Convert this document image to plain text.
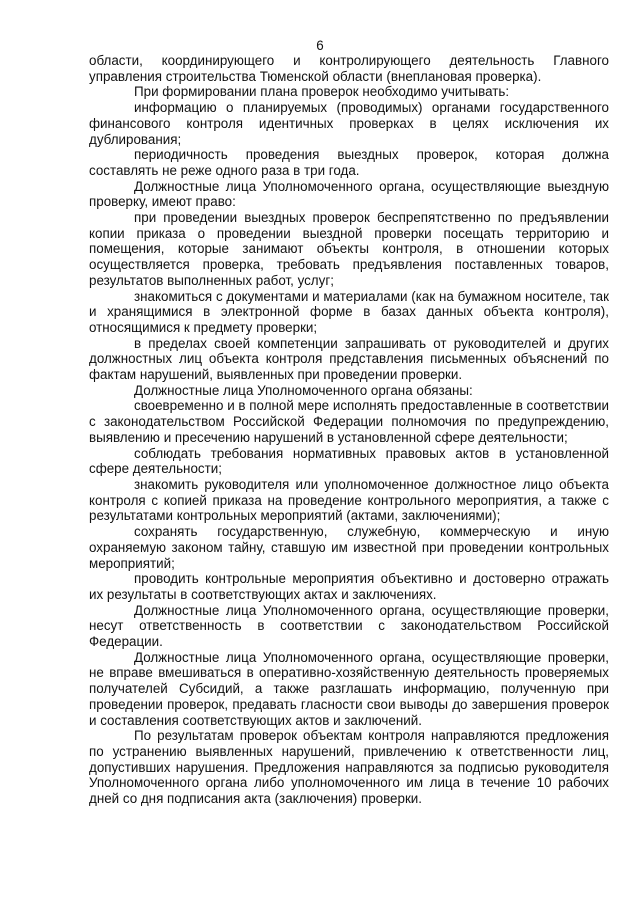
6

области, координирующего и контролирующего деятельность Главного управления строительства Тюменской области (внеплановая проверка).

При формировании плана проверок необходимо учитывать:

информацию о планируемых (проводимых) органами государственного финансового контроля идентичных проверках в целях исключения их дублирования;

периодичность проведения выездных проверок, которая должна составлять не реже одного раза в три года.

Должностные лица Уполномоченного органа, осуществляющие выездную проверку, имеют право:

при проведении выездных проверок беспрепятственно по предъявлении копии приказа о проведении выездной проверки посещать территорию и помещения, которые занимают объекты контроля, в отношении которых осуществляется проверка, требовать предъявления поставленных товаров, результатов выполненных работ, услуг;

знакомиться с документами и материалами (как на бумажном носителе, так и хранящимися в электронной форме в базах данных объекта контроля), относящимися к предмету проверки;

в пределах своей компетенции запрашивать от руководителей и других должностных лиц объекта контроля представления письменных объяснений по фактам нарушений, выявленных при проведении проверки.

Должностные лица Уполномоченного органа обязаны:

своевременно и в полной мере исполнять предоставленные в соответствии с законодательством Российской Федерации полномочия по предупреждению, выявлению и пресечению нарушений в установленной сфере деятельности;

соблюдать требования нормативных правовых актов в установленной сфере деятельности;

знакомить руководителя или уполномоченное должностное лицо объекта контроля с копией приказа на проведение контрольного мероприятия, а также с результатами контрольных мероприятий (актами, заключениями);

сохранять государственную, служебную, коммерческую и иную охраняемую законом тайну, ставшую им известной при проведении контрольных мероприятий;

проводить контрольные мероприятия объективно и достоверно отражать их результаты в соответствующих актах и заключениях.

Должностные лица Уполномоченного органа, осуществляющие проверки, несут ответственность в соответствии с законодательством Российской Федерации.

Должностные лица Уполномоченного органа, осуществляющие проверки, не вправе вмешиваться в оперативно-хозяйственную деятельность проверяемых получателей Субсидий, а также разглашать информацию, полученную при проведении проверок, предавать гласности свои выводы до завершения проверок и составления соответствующих актов и заключений.

По результатам проверок объектам контроля направляются предложения по устранению выявленных нарушений, привлечению к ответственности лиц, допустивших нарушения. Предложения направляются за подписью руководителя Уполномоченного органа либо уполномоченного им лица в течение 10 рабочих дней со дня подписания акта (заключения) проверки.
